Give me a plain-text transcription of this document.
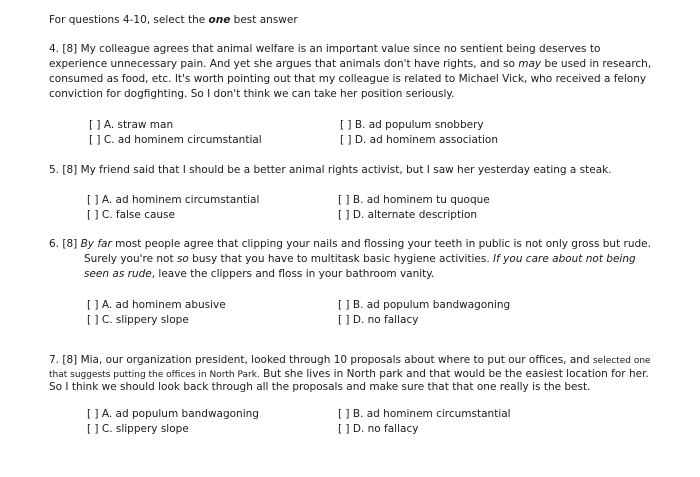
For questions 4-10, select the one best answer
4. [8] My colleague agrees that animal welfare is an important value since no sentient being deserves to
experience unnecessary pain. And yet she argues that animals don't have rights, and so may be used in research,
consumed as food, etc. It's worth pointing out that my colleague is related to Michael Vick, who received a felony
conviction for dogfighting. So I don't think we can take her position seriously.
[ ] A. straw man	[ ] B. ad populum snobbery
[ ] C. ad hominem circumstantial	[ ] D. ad hominem association
5. [8] My friend said that I should be a better animal rights activist, but I saw her yesterday eating a steak.
[ ] A. ad hominem circumstantial	[ ] B. ad hominem tu quoque
[ ] C. false cause	[ ] D. alternate description
6. [8] By far most people agree that clipping your nails and flossing your teeth in public is not only gross but rude.
Surely you're not so busy that you have to multitask basic hygiene activities. If you care about not being
seen as rude, leave the clippers and floss in your bathroom vanity.
[ ] A. ad hominem abusive	[ ] B. ad populum bandwagoning
[ ] C. slippery slope	[ ] D. no fallacy
7. [8] Mia, our organization president, looked through 10 proposals about where to put our offices, and selected one
that suggests putting the offices in North Park. But she lives in North park and that would be the easiest location for her.
So I think we should look back through all the proposals and make sure that that one really is the best.
[ ] A. ad populum bandwagoning	[ ] B. ad hominem circumstantial
[ ] C. slippery slope	[ ] D. no fallacy
